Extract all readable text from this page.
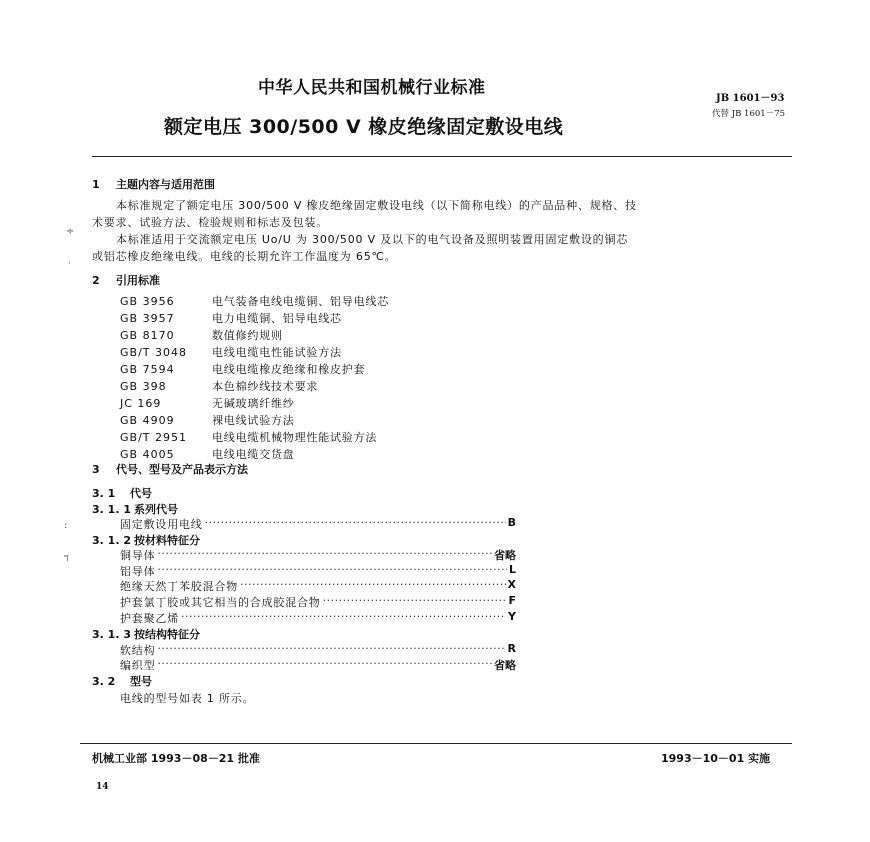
中华人民共和国机械行业标准
额定电压 300/500 V 橡皮绝缘固定敷设电线
JB 1601－93
代替 JB 1601－75
1 主题内容与适用范围
本标准规定了额定电压 300/500 V 橡皮绝缘固定敷设电线（以下简称电线）的产品品种、规格、技
术要求、试验方法、检验规则和标志及包装。
本标准适用于交流额定电压 Uo/U 为 300/500 V 及以下的电气设备及照明装置用固定敷设的铜芯
或铝芯橡皮绝缘电线。电线的长期允许工作温度为 65℃。
2 引用标准
GB 3956	电气装备电线电缆铜、铝导电线芯
GB 3957	电力电缆铜、铝导电线芯
GB 8170	数值修约规则
GB/T 3048 电线电缆电性能试验方法
GB 7594	电线电缆橡皮绝缘和橡皮护套
GB 398	本色棉纱线技术要求
JC 169	无碱玻璃纤维纱
GB 4909	裸电线试验方法
GB/T 2951 电线电缆机械物理性能试验方法
GB 4005	电线电缆交货盘
3 代号、型号及产品表示方法
3. 1 代号
3. 1. 1 系列代号
固定敷设用电线 ·····	B
3. 1. 2 按材料特征分
铜导体 ·····	省略
铝导体 ·····	L
绝缘天然丁苯胶混合物 ·····	X
护套氯丁胶或其它相当的合成胶混合物 ·····	F
护套聚乙烯 ·····	Y
3. 1. 3 按结构特征分
软结构 ·····	R
编织型 ·····	省略
3. 2 型号
电线的型号如表 1 所示。
÷
˙
:
ד
机械工业部 1993－08－21 批准	1993－10－01 实施
14
